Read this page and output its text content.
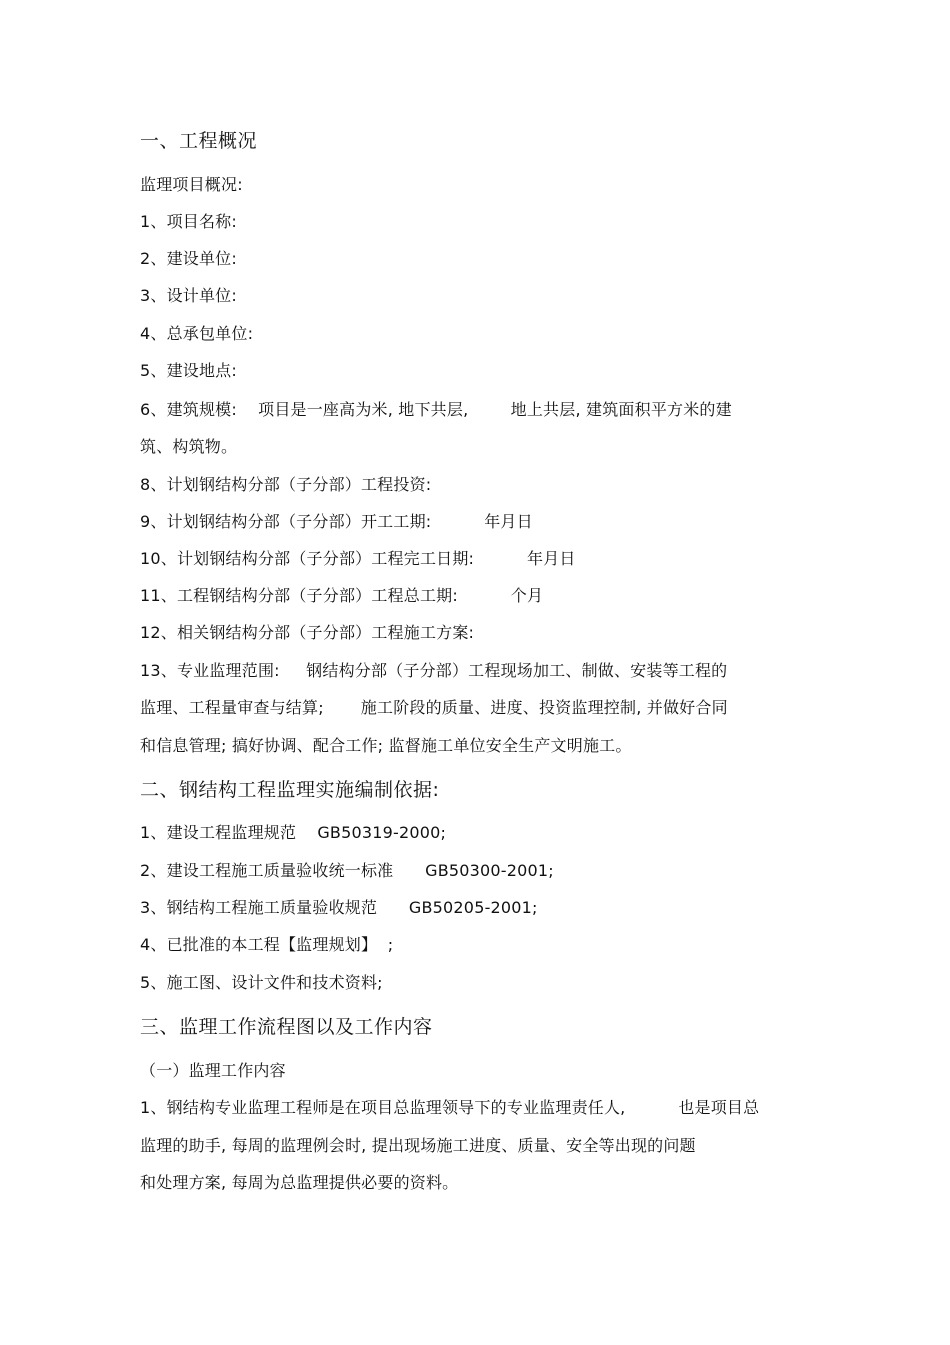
一、工程概况
监理项目概况:
1、项目名称:
2、建设单位:
3、设计单位:
4、总承包单位:
5、建设地点:
6、建筑规模:    项目是一座高为米, 地下共层,        地上共层, 建筑面积平方米的建
筑、构筑物。
8、计划钢结构分部（子分部）工程投资:
9、计划钢结构分部（子分部）开工工期:          年月日
10、计划钢结构分部（子分部）工程完工日期:          年月日
11、工程钢结构分部（子分部）工程总工期:          个月
12、相关钢结构分部（子分部）工程施工方案:
13、专业监理范围:     钢结构分部（子分部）工程现场加工、制做、安装等工程的
监理、工程量审查与结算;       施工阶段的质量、进度、投资监理控制, 并做好合同
和信息管理; 搞好协调、配合工作; 监督施工单位安全生产文明施工。
二、钢结构工程监理实施编制依据:
1、建设工程监理规范    GB50319-2000;
2、建设工程施工质量验收统一标准      GB50300-2001;
3、钢结构工程施工质量验收规范      GB50205-2001;
4、已批准的本工程【监理规划】  ;
5、施工图、设计文件和技术资料;
三、监理工作流程图以及工作内容
（一）监理工作内容
1、钢结构专业监理工程师是在项目总监理领导下的专业监理责任人,          也是项目总
监理的助手, 每周的监理例会时, 提出现场施工进度、质量、安全等出现的问题
和处理方案, 每周为总监理提供必要的资料。
